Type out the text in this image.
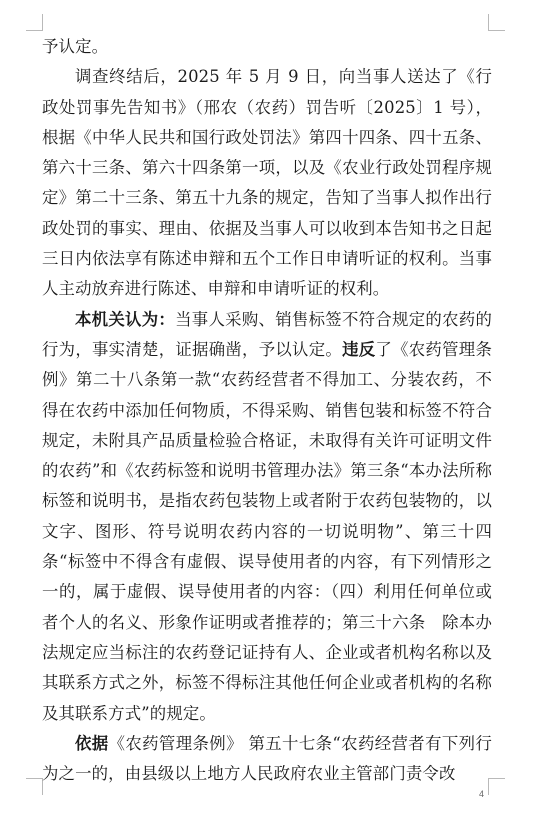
予认定。

调查终结后，2025 年 5 月 9 日，向当事人送达了《行政处罚事先告知书》（邢农（农药）罚告听〔2025〕1 号），根据《中华人民共和国行政处罚法》第四十四条、四十五条、第六十三条、第六十四条第一项，以及《农业行政处罚程序规定》第二十三条、第五十九条的规定，告知了当事人拟作出行政处罚的事实、理由、依据及当事人可以收到本告知书之日起三日内依法享有陈述申辩和五个工作日申请听证的权利。当事人主动放弃进行陈述、申辩和申请听证的权利。

本机关认为：当事人采购、销售标签不符合规定的农药的行为，事实清楚，证据确凿，予以认定。违反了《农药管理条例》第二十八条第一款“农药经营者不得加工、分装农药，不得在农药中添加任何物质，不得采购、销售包装和标签不符合规定，未附具产品质量检验合格证，未取得有关许可证明文件的农药”和《农药标签和说明书管理办法》第三条“本办法所称标签和说明书，是指农药包装物上或者附于农药包装物的，以文字、图形、符号说明农药内容的一切说明物”、第三十四条“标签中不得含有虚假、误导使用者的内容，有下列情形之一的，属于虚假、误导使用者的内容：（四）利用任何单位或者个人的名义、形象作证明或者推荐的；第三十六条　除本办法规定应当标注的农药登记证持有人、企业或者机构名称以及其联系方式之外，标签不得标注其他任何企业或者机构的名称及其联系方式”的规定。

依据《农药管理条例》 第五十七条“农药经营者有下列行为之一的，由县级以上地方人民政府农业主管部门责令改

4
